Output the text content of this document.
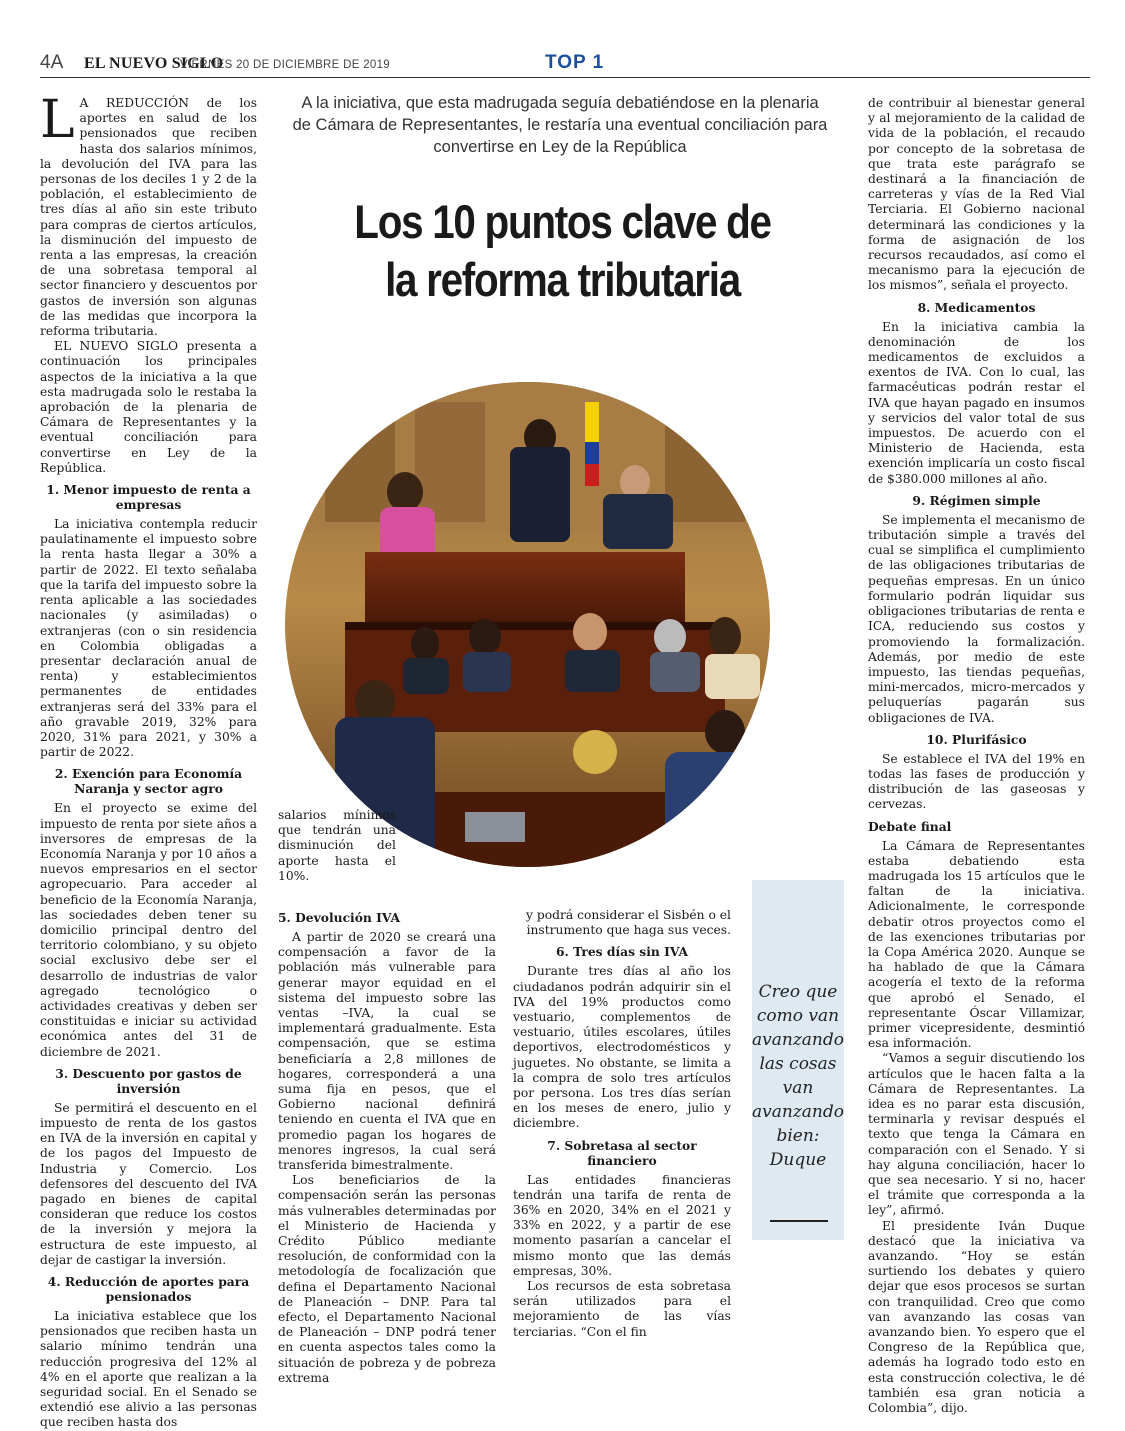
4A EL NUEVO SIGLO
VIERNES 20 DE DICIEMBRE DE 2019	TOP 1

L A REDUCCIÓN de los aportes en salud de los pensionados que reciben hasta dos salarios mínimos, la devolución del IVA para las personas de los deciles 1 y 2 de la población, el establecimiento de tres días al año sin este tributo para compras de ciertos artículos, la disminución del impuesto de renta a las empresas, la creación de una sobretasa temporal al sector financiero y descuentos por gastos de inversión son algunas de las medidas que incorpora la reforma tributaria.

EL NUEVO SIGLO presenta a continuación los principales aspectos de la iniciativa a la que esta madrugada solo le restaba la aprobación de la plenaria de Cámara de Representantes y la eventual conciliación para convertirse en Ley de la República.

1. Menor impuesto de renta a empresas

La iniciativa contempla reducir paulatinamente el impuesto sobre la renta hasta llegar a 30% a partir de 2022. El texto señalaba que la tarifa del impuesto sobre la renta aplicable a las sociedades nacionales (y asimiladas) o extranjeras (con o sin residencia en Colombia obligadas a presentar declaración anual de renta) y establecimientos permanentes de entidades extranjeras será del 33% para el año gravable 2019, 32% para 2020, 31% para 2021, y 30% a partir de 2022.

2. Exención para Economía Naranja y sector agro

En el proyecto se exime del impuesto de renta por siete años a inversores de empresas de la Economía Naranja y por 10 años a nuevos empresarios en el sector agropecuario. Para acceder al beneficio de la Economía Naranja, las sociedades deben tener su domicilio principal dentro del territorio colombiano, y su objeto social exclusivo debe ser el desarrollo de industrias de valor agregado tecnológico o actividades creativas y deben ser constituidas e iniciar su actividad económica antes del 31 de diciembre de 2021.

3. Descuento por gastos de inversión

Se permitirá el descuento en el impuesto de renta de los gastos en IVA de la inversión en capital y de los pagos del Impuesto de Industria y Comercio. Los defensores del descuento del IVA pagado en bienes de capital consideran que reduce los costos de la inversión y mejora la estructura de este impuesto, al dejar de castigar la inversión.

4. Reducción de aportes para pensionados

La iniciativa establece que los pensionados que reciben hasta un salario mínimo tendrán una reducción progresiva del 12% al 4% en el aporte que realizan a la seguridad social. En el Senado se extendió ese alivio a las personas que reciben hasta dos

A la iniciativa, que esta madrugada seguía debatiéndose en la plenaria de Cámara de Representantes, le restaría una eventual conciliación para convertirse en Ley de la República
Los 10 puntos clave de la reforma tributaria

salarios mínimos que tendrán una disminución del aporte hasta el 10%.

5. Devolución IVA

A partir de 2020 se creará una compensación a favor de la población más vulnerable para generar mayor equidad en el sistema del impuesto sobre las ventas –IVA, la cual se implementará gradualmente. Esta compensación, que se estima beneficiaría a 2,8 millones de hogares, corresponderá a una suma fija en pesos, que el Gobierno nacional definirá teniendo en cuenta el IVA que en promedio pagan los hogares de menores ingresos, la cual será transferida bimestralmente.

Los beneficiarios de la compensación serán las personas más vulnerables determinadas por el Ministerio de Hacienda y Crédito Público mediante resolución, de conformidad con la metodología de focalización que defina el Departamento Nacional de Planeación – DNP. Para tal efecto, el Departamento Nacional de Planeación – DNP podrá tener en cuenta aspectos tales como la situación de pobreza y de pobreza extrema

y podrá considerar el Sisbén o el instrumento que haga sus veces.

6. Tres días sin IVA

Durante tres días al año los ciudadanos podrán adquirir sin el IVA del 19% productos como vestuario, complementos de vestuario, útiles escolares, útiles deportivos, electrodomésticos y juguetes. No obstante, se limita a la compra de solo tres artículos por persona. Los tres días serían en los meses de enero, julio y diciembre.

7. Sobretasa al sector financiero

Las entidades financieras tendrán una tarifa de renta de 36% en 2020, 34% en el 2021 y 33% en 2022, y a partir de ese momento pasarían a cancelar el mismo monto que las demás empresas, 30%.

Los recursos de esta sobretasa serán utilizados para el mejoramiento de las vías terciarias. “Con el fin

Creo que como van avanzando las cosas van avanzando bien: Duque

de contribuir al bienestar general y al mejoramiento de la calidad de vida de la población, el recaudo por concepto de la sobretasa de que trata este parágrafo se destinará a la financiación de carreteras y vías de la Red Vial Terciaria. El Gobierno nacional determinará las condiciones y la forma de asignación de los recursos recaudados, así como el mecanismo para la ejecución de los mismos”, señala el proyecto.

8. Medicamentos

En la iniciativa cambia la denominación de los medicamentos de excluidos a exentos de IVA. Con lo cual, las farmacéuticas podrán restar el IVA que hayan pagado en insumos y servicios del valor total de sus impuestos. De acuerdo con el Ministerio de Hacienda, esta exención implicaría un costo fiscal de $380.000 millones al año.

9. Régimen simple

Se implementa el mecanismo de tributación simple a través del cual se simplifica el cumplimiento de las obligaciones tributarias de pequeñas empresas. En un único formulario podrán liquidar sus obligaciones tributarias de renta e ICA, reduciendo sus costos y promoviendo la formalización. Además, por medio de este impuesto, las tiendas pequeñas, mini-mercados, micro-mercados y peluquerías pagarán sus obligaciones de IVA.

10. Plurifásico

Se establece el IVA del 19% en todas las fases de producción y distribución de las gaseosas y cervezas.

Debate final

La Cámara de Representantes estaba debatiendo esta madrugada los 15 artículos que le faltan de la iniciativa. Adicionalmente, le corresponde debatir otros proyectos como el de las exenciones tributarias por la Copa América 2020. Aunque se ha hablado de que la Cámara acogería el texto de la reforma que aprobó el Senado, el representante Óscar Villamizar, primer vicepresidente, desmintió esa información.

“Vamos a seguir discutiendo los artículos que le hacen falta a la Cámara de Representantes. La idea es no parar esta discusión, terminarla y revisar después el texto que tenga la Cámara en comparación con el Senado. Y si hay alguna conciliación, hacer lo que sea necesario. Y si no, hacer el trámite que corresponda a la ley”, afirmó.

El presidente Iván Duque destacó que la iniciativa va avanzando. “Hoy se están surtiendo los debates y quiero dejar que esos procesos se surtan con tranquilidad. Creo que como van avanzando las cosas van avanzando bien. Yo espero que el Congreso de la República que, además ha logrado todo esto en esta construcción colectiva, le dé también esa gran noticia a Colombia”, dijo.
